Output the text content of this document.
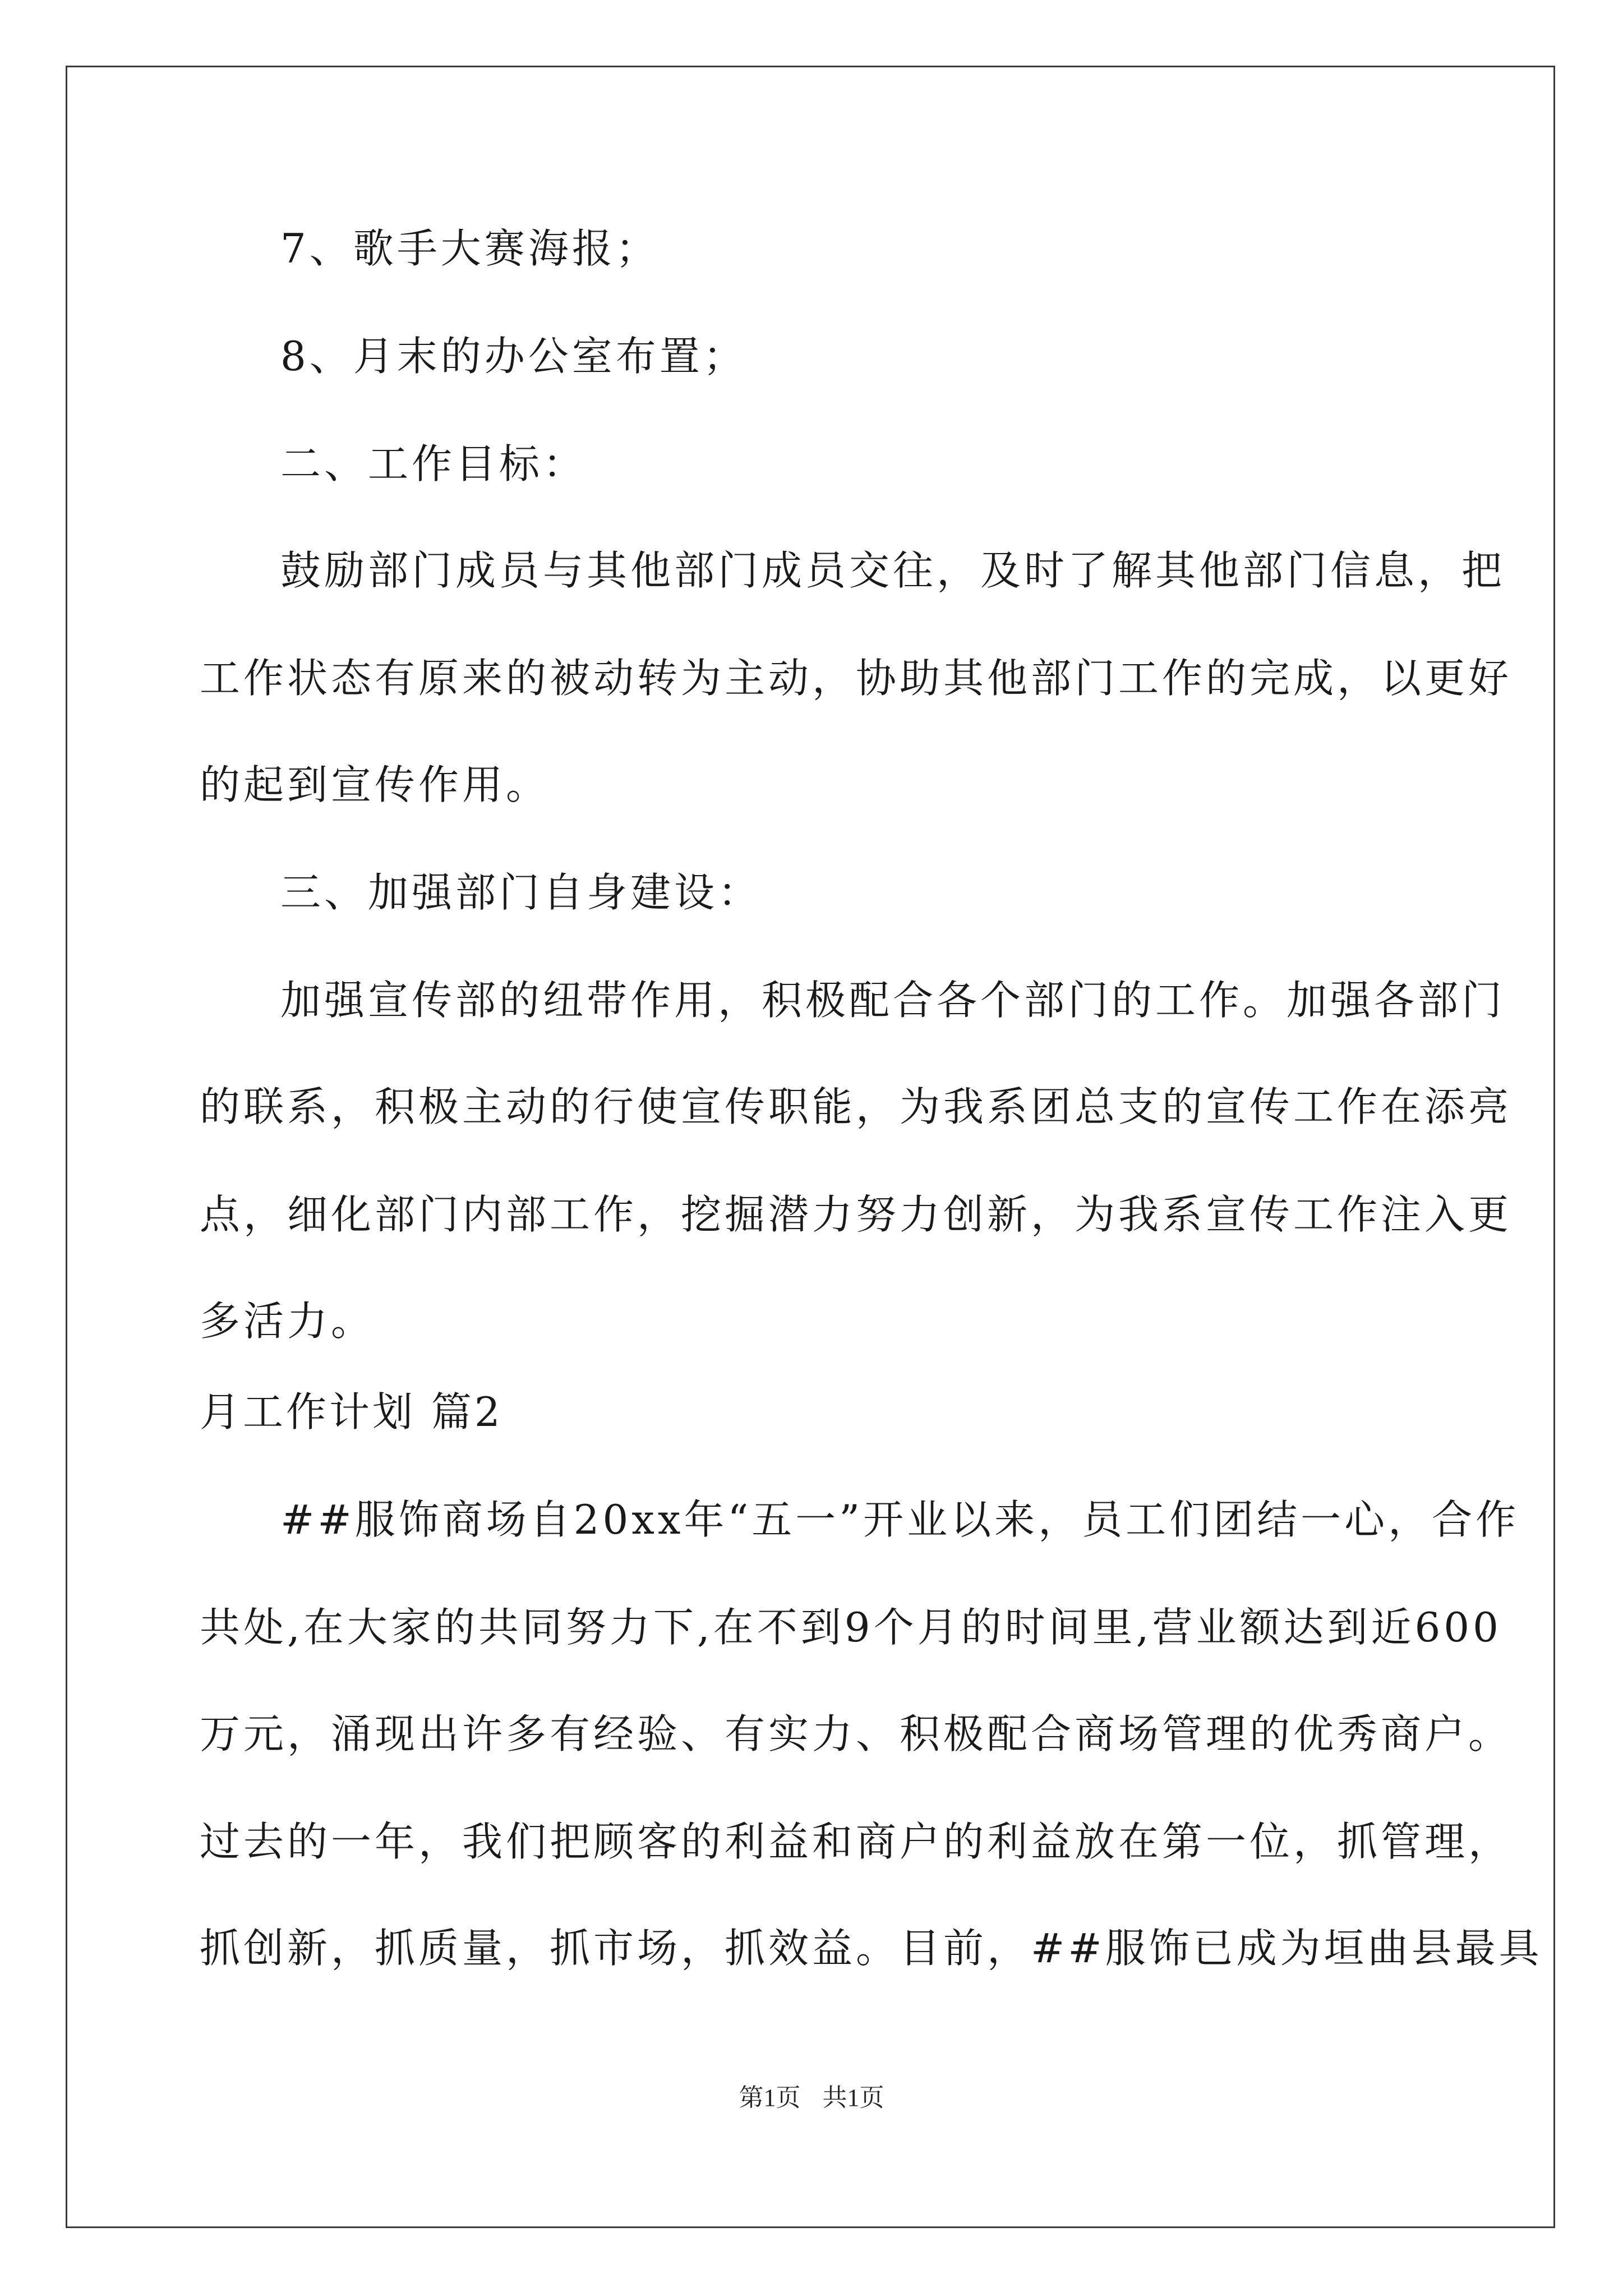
7、歌手大赛海报；

8、月末的办公室布置；

二、工作目标：

鼓励部门成员与其他部门成员交往，及时了解其他部门信息，把

工作状态有原来的被动转为主动，协助其他部门工作的完成，以更好

的起到宣传作用。

三、加强部门自身建设：

加强宣传部的纽带作用，积极配合各个部门的工作。加强各部门

的联系，积极主动的行使宣传职能，为我系团总支的宣传工作在添亮

点，细化部门内部工作，挖掘潜力努力创新，为我系宣传工作注入更

多活力。

月工作计划 篇2

##服饰商场自20xx年“五一”开业以来，员工们团结一心，合作

共处,在大家的共同努力下,在不到9个月的时间里,营业额达到近600

万元，涌现出许多有经验、有实力、积极配合商场管理的优秀商户。

过去的一年，我们把顾客的利益和商户的利益放在第一位，抓管理，

抓创新，抓质量，抓市场，抓效益。目前，##服饰已成为垣曲县最具

第1页 共1页
